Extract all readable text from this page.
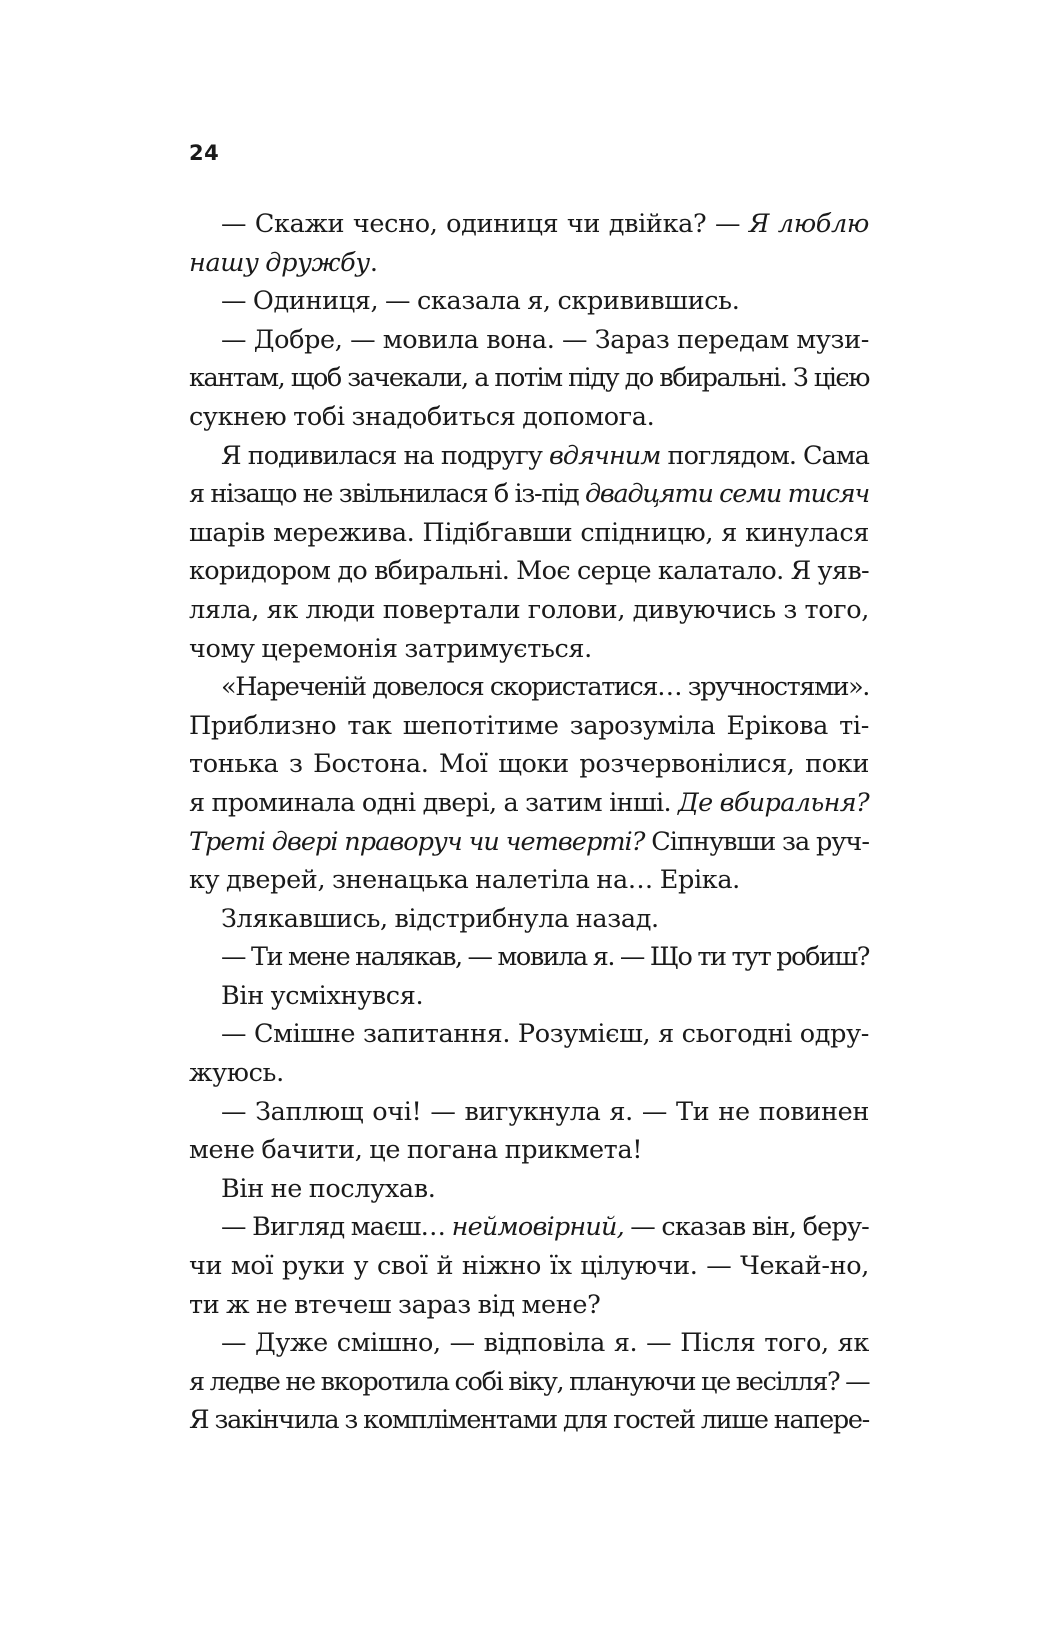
24
— Скажи чесно, одиниця чи двійка? — Я люблю
нашу дружбу.
— Одиниця, — сказала я, скривившись.
— Добре, — мовила вона. — Зараз передам музи-
кантам, щоб зачекали, а потім піду до вбиральні. З цією
сукнею тобі знадобиться допомога.
Я подивилася на подругу вдячним поглядом. Сама
я нізащо не звільнилася б із-під двадцяти семи тисяч
шарів мережива. Підібгавши спідницю, я кинулася
коридором до вбиральні. Моє серце калатало. Я уяв-
ляла, як люди повертали голови, дивуючись з того,
чому церемонія затримується.
«Нареченій довелося скористатися… зручностями».
Приблизно так шепотітиме зарозуміла Ерікова ті-
тонька з Бостона. Мої щоки розчервонілися, поки
я проминала одні двері, а затим інші. Де вбиральня?
Треті двері праворуч чи четверті? Сіпнувши за руч-
ку дверей, зненацька налетіла на… Еріка.
Злякавшись, відстрибнула назад.
— Ти мене налякав, — мовила я. — Що ти тут робиш?
Він усміхнувся.
— Смішне запитання. Розумієш, я сьогодні одру-
жуюсь.
— Заплющ очі! — вигукнула я. — Ти не повинен
мене бачити, це погана прикмета!
Він не послухав.
— Вигляд маєш… неймовірний, — сказав він, беру-
чи мої руки у свої й ніжно їх цілуючи. — Чекай-но,
ти ж не втечеш зараз від мене?
— Дуже смішно, — відповіла я. — Після того, як
я ледве не вкоротила собі віку, плануючи це весілля? —
Я закінчила з компліментами для гостей лише напере-
